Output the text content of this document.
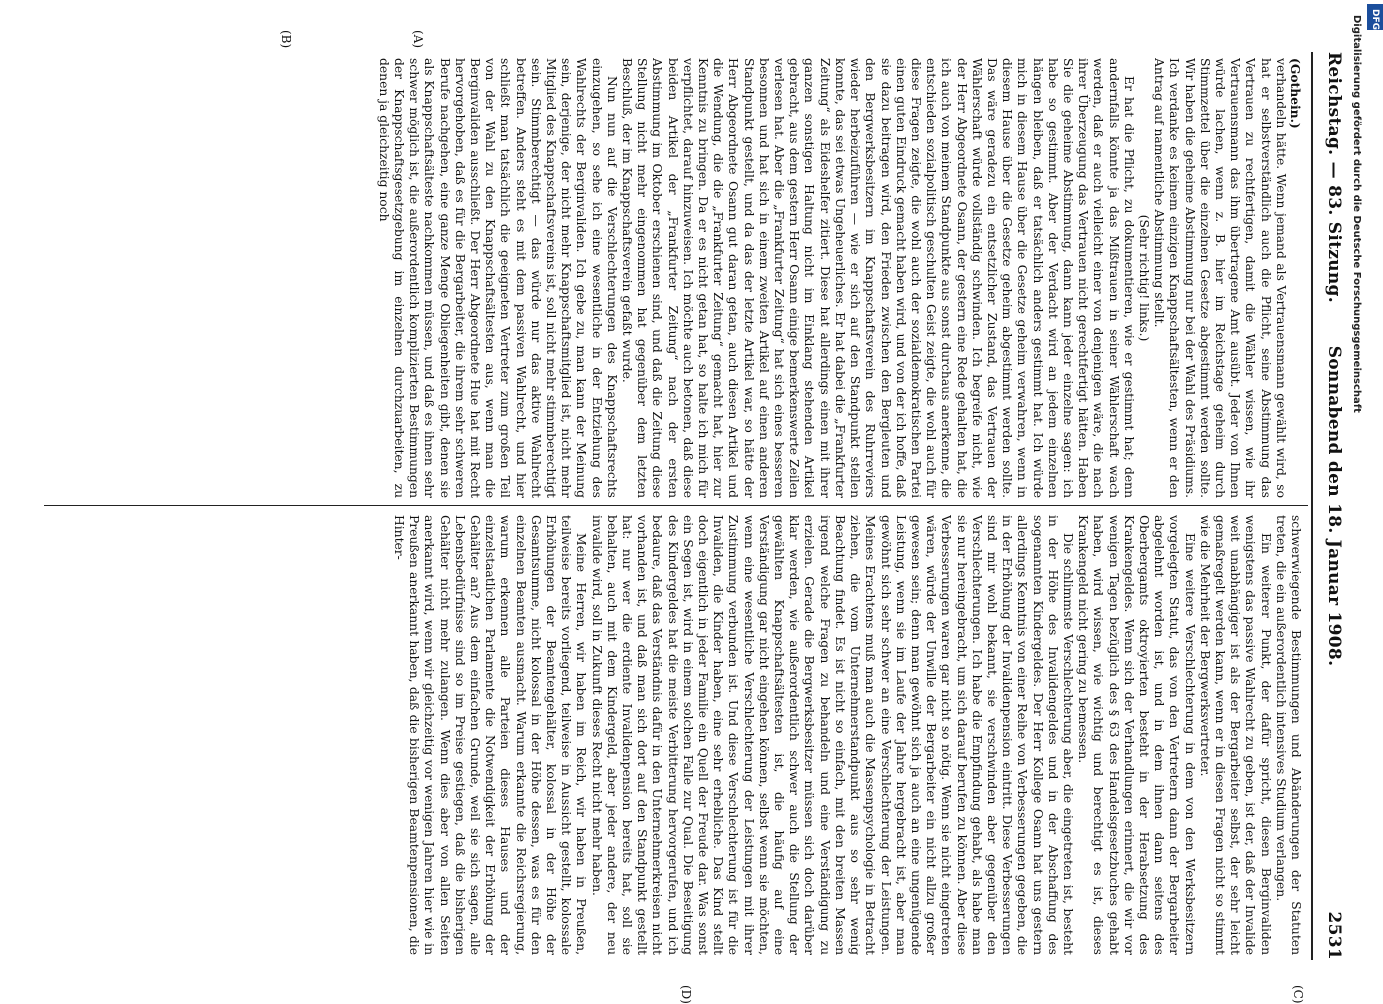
Reichstag. — 83. Sitzung.
Sonnabend den 18. Januar 1908.
2531
(A)
(B)
(C)
(D)

(Gothein.)

verhandeln hätte. Wenn jemand als Vertrauensmann gewählt wird, so hat er selbstverständlich auch die Pflicht, seine Abstimmung das Vertrauen zu rechtfertigen, damit die Wähler wissen, wie ihr Vertrauensmann das ihm übertragene Amt ausübt. Jeder von Ihnen würde lachen, wenn z. B. hier im Reichstage geheim durch Stimmzettel über die einzelnen Gesetze abgestimmt werden sollte. Wir haben die geheime Abstimmung nur bei der Wahl des Präsidiums. Ich verdanke es keinem einzigen Knappschaftsältesten, wenn er den Antrag auf namentliche Abstimmung stellt.

(Sehr richtig! links.)

Er hat die Pflicht, zu dokumentieren, wie er gestimmt hat; denn andernfalls könnte ja das Mißtrauen in seiner Wählerschaft wach werden, daß er auch vielleicht einer von denjenigen wäre, die nach ihrer Überzeugung das Vertrauen nicht gerechtfertigt hätten. Haben Sie die geheime Abstimmung, dann kann jeder einzelne sagen: ich habe so gestimmt. Aber der Verdacht wird an jedem einzelnen hängen bleiben, daß er tatsächlich anders gestimmt hat. Ich würde mich in diesem Hause über die Gesetze geheim verwahren, wenn in diesem Hause über die Gesetze geheim abgestimmt werden sollte. Das wäre geradezu ein entsetzlicher Zustand, das Vertrauen der Wählerschaft würde vollständig schwinden. Ich begreife nicht, wie der Herr Abgeordnete Osann, der gestern eine Rede gehalten hat, die ich auch von meinem Standpunkte aus sonst durchaus anerkenne, die entschieden sozialpolitisch geschulten Geist zeigte, die wohl auch für diese Fragen zeigte, die wohl auch der sozialdemokratischen Partei einen guten Eindruck gemacht haben wird, und von der ich hoffe, daß sie dazu beitragen wird, den Frieden zwischen den Bergleuten und den Bergwerksbesitzern im Knappschaftsverein des Ruhrreviers wieder herbeizuführen — wie er sich auf den Standpunkt stellen konnte, das sei etwas Ungeheuerliches. Er hat dabei die „Frankfurter Zeitung“ als Eideshelfer zitiert. Diese hat allerdings einen mit ihrer ganzen sonstigen Haltung nicht im Einklang stehenden Artikel gebracht, aus dem gestern Herr Osann einige bemerkenswerte Zeilen verlesen hat. Aber die „Frankfurter Zeitung“ hat sich eines besseren besonnen und hat sich in einem zweiten Artikel auf einen anderen Standpunkt gestellt, und da das der letzte Artikel war, so hätte der Herr Abgeordnete Osann gut daran getan, auch diesen Artikel und die Wendung, die die „Frankfurter Zeitung“ gemacht hat, hier zur Kenntnis zu bringen. Da er es nicht getan hat, so halte ich mich für verpflichtet, darauf hinzuweisen. Ich möchte auch betonen, daß diese beiden Artikel der „Frankfurter Zeitung“ nach der ersten Abstimmung im Oktober erschienen sind, und daß die Zeitung diese Stellung nicht mehr eingenommen hat gegenüber dem letzten Beschluß, der im Knappschaftsverein gefaßt wurde.

Nun nun auf die Verschlechterungen des Knappschaftsrechts einzugehen, so sehe ich eine wesentliche in der Entziehung des Wahlrechts der Berginvaliden. Ich gebe zu, man kann der Meinung sein, derjenige, der nicht mehr Knappschaftsmitglied ist, nicht mehr Mitglied des Knappschaftsvereins ist, soll nicht mehr stimmberechtigt sein. Stimmberechtigt — das würde nur das aktive Wahlrecht betreffen. Anders steht es mit dem passiven Wahlrecht, und hier schließt man tatsächlich die geeigneten Vertreter zum großen Teil von der Wahl zu den Knappschaftsältesten aus, wenn man die Berginvaliden ausschließt. Der Herr Abgeordnete Hue hat mit Recht hervorgehoben, daß es für die Bergarbeiter, die ihrem sehr schweren Berufe nachgehen, eine ganze Menge Obliegenheiten gibt, denen sie als Knappschaftsälteste nachkommen müssen, und daß es ihnen sehr schwer möglich ist, die außerordentlich komplizierten Bestimmungen der Knappschaftsgesetzgebung im einzelnen durchzuarbeiten, zu denen ja gleichzeitig noch

schwerwiegende Bestimmungen und Abänderungen der Statuten treten, die ein außerordentlich intensives Studium verlangen.

Ein weiterer Punkt, der dafür spricht, diesen Berginvaliden wenigstens das passive Wahlrecht zu geben, ist der, daß der Invalide weit unabhängiger ist als der Bergarbeiter selbst, der sehr leicht gemaßregelt werden kann, wenn er in diesen Fragen nicht so stimmt wie die Mehrheit der Bergwerksvertreter.

Eine weitere Verschlechterung in dem von den Werksbesitzern vorgelegten Statut, das von den Vertretern dann der Bergarbeiter abgelehnt worden ist, und in dem ihnen dann seitens des Oberbergamts oktroyierten besteht in der Herabsetzung des Krankengeldes. Wenn sich der Verhandlungen erinnert, die wir vor wenigen Tagen bezüglich des § 63 des Handelsgesetzbuches gehabt haben, wird wissen, wie wichtig und berechtigt es ist, dieses Krankengeld nicht gering zu bemessen.

Die schlimmste Verschlechterung aber, die eingetreten ist, besteht in der Höhe des Invalidengeldes und in der Abschaffung des sogenannten Kindergeldes. Der Herr Kollege Osann hat uns gestern allerdings Kenntnis von einer Reihe von Verbesserungen gegeben, die in der Erhöhung der Invalidenpension eintritt. Diese Verbesserungen sind mir wohl bekannt, sie verschwinden aber gegenüber den Verschlechterungen. Ich habe die Empfindung gehabt, als habe man sie nur hereingebracht, um sich darauf berufen zu können. Aber diese Verbesserungen waren gar nicht so nötig. Wenn sie nicht eingetreten wären, würde der Unwille der Bergarbeiter ein nicht allzu großer gewesen sein; denn man gewöhnt sich ja auch an eine ungenügende Leistung, wenn sie im Laufe der Jahre hergebracht ist, aber man gewöhnt sich sehr schwer an eine Verschlechterung der Leistungen. Meines Erachtens muß man auch die Massenpsychologie in Betracht ziehen, die vom Unternehmerstandpunkt aus so sehr wenig Beachtung findet. Es ist nicht so einfach, mit den breiten Massen irgend welche Fragen zu behandeln und eine Verständigung zu erzielen. Gerade die Bergwerksbesitzer müssen sich doch darüber klar werden, wie außerordentlich schwer auch die Stellung der gewählten Knappschaftsältesten ist, die häufig auf eine Verständigung gar nicht eingehen können, selbst wenn sie möchten, wenn eine wesentliche Verschlechterung der Leistungen mit ihrer Zustimmung verbunden ist. Und diese Verschlechterung ist für die Invaliden, die Kinder haben, eine sehr erhebliche. Das Kind stellt doch eigentlich in jeder Familie ein Quell der Freude dar. Was sonst ein Segen ist, wird in einem solchen Falle zur Qual. Die Beseitigung des Kindergeldes hat die meiste Verbitterung hervorgerufen, und ich bedaure, daß das Verständnis dafür in den Unternehmerkreisen nicht vorhanden ist, und daß man sich dort auf den Standpunkt gestellt hat: nur wer die erdiente Invalidenpension bereits hat, soll sie behalten, auch mit dem Kindergeld, aber jeder andere, der neu invalide wird, soll in Zukunft dieses Recht nicht mehr haben.

Meine Herren, wir haben im Reich, wir haben in Preußen, teilweise bereits vorliegend, teilweise in Aussicht gestellt, kolossale Erhöhungen der Beamtengehälter, kolossal in der Höhe der Gesamtsumme, nicht kolossal in der Höhe dessen, was es für den einzelnen Beamten ausmacht. Warum erkannte die Reichsregierung, warum erkennen alle Parteien dieses Hauses und der einzelstaatlichen Parlamente die Notwendigkeit der Erhöhung der Gehälter an? Aus dem einfachen Grunde, weil sie sich sagen, alle Lebensbedürfnisse sind so im Preise gestiegen, daß die bisherigen Gehälter nicht mehr zulangen. Wenn dies aber von allen Seiten anerkannt wird, wenn wir gleichzeitig vor wenigen Jahren hier wie in Preußen anerkannt haben, daß die bisherigen Beamtenpensionen, die Hinter-

Digitalisierung gefördert durch die Deutsche Forschungsgemeinschaft DFG
